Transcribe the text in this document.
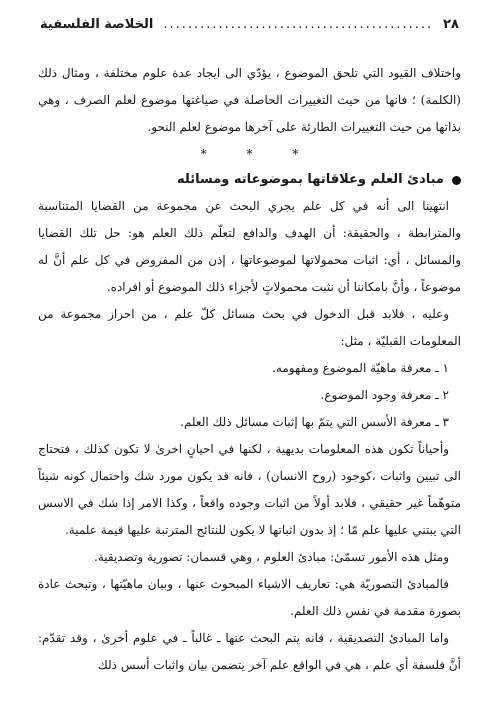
٢٨
............................................
الخلاصة الفلسفية

واختلاف القيود التي تلحق الموضوع ، يؤدّي الى ايجاد عدة علوم مختلفة ، ومثال ذلك (الكلمة) ؛ فانها من حيث التغييرات الحاصلة في صياغتها موضوع لعلم الصرف ، وهي بذاتها من حيث التغييرات الطارئة على آخرها موضوع لعلم النحو.

*	*	*
مبادئ العلم وعلاقاتها بموضوعاته ومسائله

انتهينا الى أنه في كل علم يجري البحث عن مجموعة من القضايا المتناسبة والمترابطة ، والحقيقة: أن الهدف والدافع لتعلّم ذلك العلم هو: حل تلك القضايا والمسائل ، أي: اثبات محمولاتها لموضوعاتها ، إذن من المفروض في كل علم أنَّ له موضوعاً ، وأنَّ بامكاننا أن نثبت محمولاتٍ لأجزاء ذلك الموضوع أو افراده.

وعليه ، فلابد قبل الدخول في بحث مسائل كلّ علم ، من احراز مجموعة من المعلومات القبليّة ، مثل:

١ ـ معرفة ماهيّة الموضوع ومفهومه.

٢ ـ معرفة وجود الموضوع.

٣ ـ معرفة الأسس التي يتمّ بها إثبات مسائل ذلك العلم.

وأحياناً تكون هذه المعلومات بديهية ، لكنها في احيانٍ اخرىٰ لا تكون كذلك ، فتحتاج الى تبيين واثبات ،كوجود (روح الانسان) ، فانه قد يكون مورد شك واحتمال كونه شيئاً متوهّماً غير حقيقي ، فلابد أولاً من اثبات وجوده واقعاً ، وكذا الامر إذا شك في الاسس التي يبتني عليها علم مّا ؛ إذ بدون اثباتها لا يكون للنتائج المترتبة عليها قيمة علمية.

ومثل هذه الأمور تسمّىٰ: مبادئ العلوم ، وهي قسمان: تصورية وتصديقية.

فالمبادئ التصوريّة هي: تعاريف الاشياء المبحوث عنها ، وبيان ماهيّتها ، وتبحث عادة بصورة مقدمة في نفس ذلك العلم.

واما المبادئ التصديقية ، فانه يتم البحث عنها ـ غالباً ـ في علوم أخرىٰ ، وقد تقدّم: أنَّ فلسفة أي علم ، هي في الواقع علم آخر يتضمن بيان واثبات أسس ذلك
